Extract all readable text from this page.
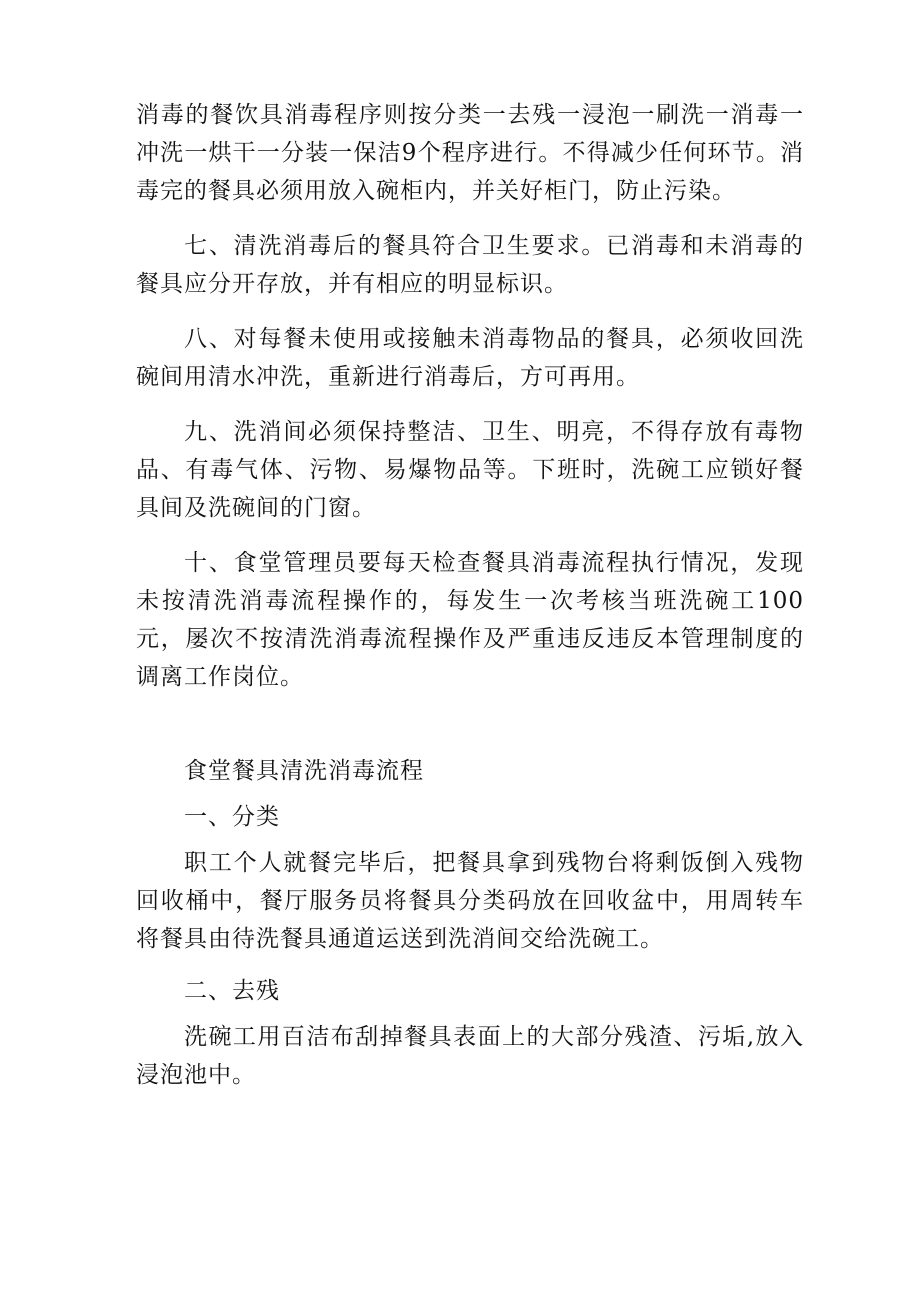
消毒的餐饮具消毒程序则按分类一去残一浸泡一刷洗一消毒一冲洗一烘干一分装一保洁9个程序进行。不得减少任何环节。消毒完的餐具必须用放入碗柜内，并关好柜门，防止污染。

七、清洗消毒后的餐具符合卫生要求。已消毒和未消毒的餐具应分开存放，并有相应的明显标识。

八、对每餐未使用或接触未消毒物品的餐具，必须收回洗碗间用清水冲洗，重新进行消毒后，方可再用。

九、洗消间必须保持整洁、卫生、明亮，不得存放有毒物品、有毒气体、污物、易爆物品等。下班时，洗碗工应锁好餐具间及洗碗间的门窗。

十、食堂管理员要每天检查餐具消毒流程执行情况，发现未按清洗消毒流程操作的，每发生一次考核当班洗碗工100元，屡次不按清洗消毒流程操作及严重违反违反本管理制度的调离工作岗位。

食堂餐具清洗消毒流程

一、分类

职工个人就餐完毕后，把餐具拿到残物台将剩饭倒入残物回收桶中，餐厅服务员将餐具分类码放在回收盆中，用周转车将餐具由待洗餐具通道运送到洗消间交给洗碗工。

二、去残

洗碗工用百洁布刮掉餐具表面上的大部分残渣、污垢,放入浸泡池中。
